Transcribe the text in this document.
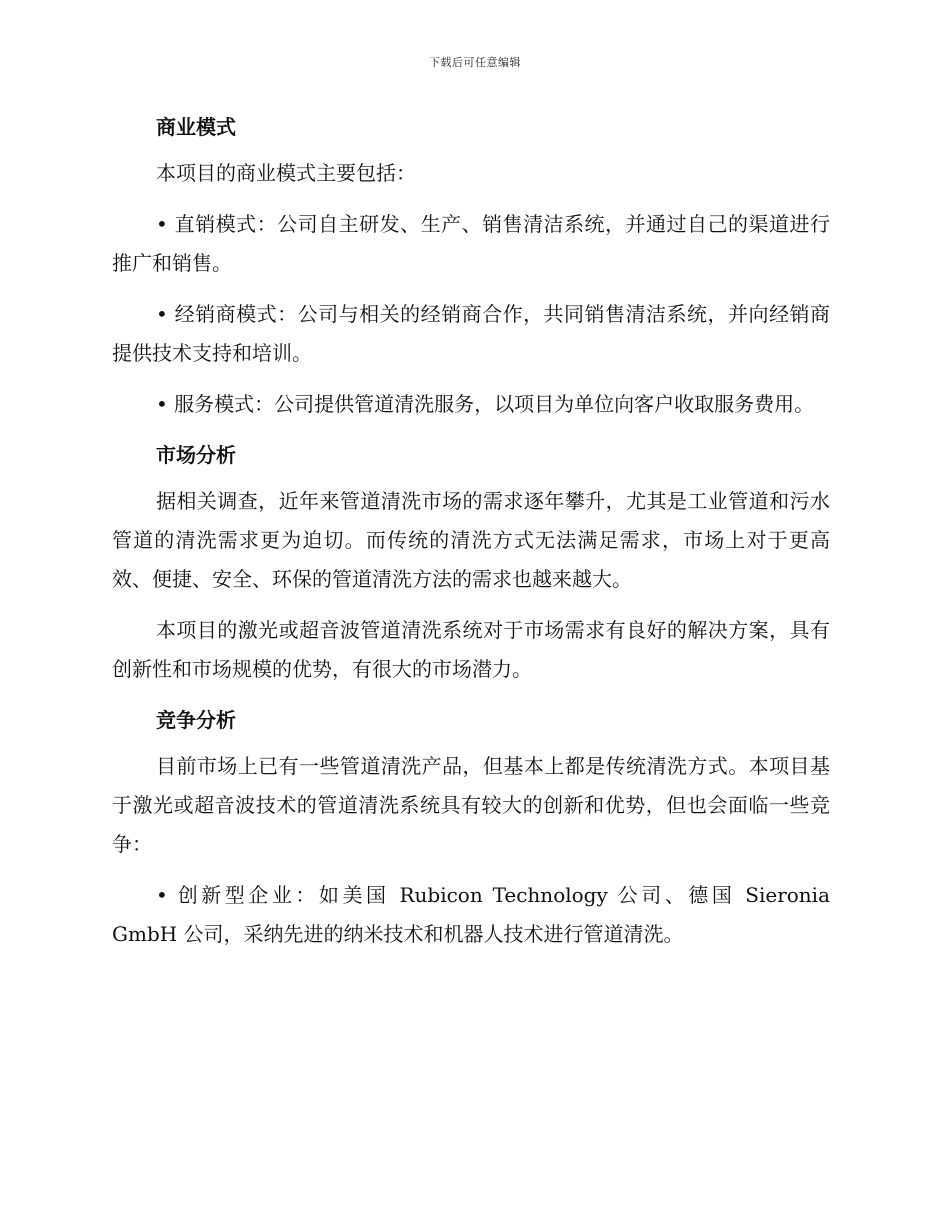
下载后可任意编辑
商业模式

本项目的商业模式主要包括：

• 直销模式：公司自主研发、生产、销售清洁系统，并通过自己的渠道进行推广和销售。

• 经销商模式：公司与相关的经销商合作，共同销售清洁系统，并向经销商提供技术支持和培训。

• 服务模式：公司提供管道清洗服务，以项目为单位向客户收取服务费用。

市场分析

据相关调查，近年来管道清洗市场的需求逐年攀升，尤其是工业管道和污水管道的清洗需求更为迫切。而传统的清洗方式无法满足需求，市场上对于更高效、便捷、安全、环保的管道清洗方法的需求也越来越大。

本项目的激光或超音波管道清洗系统对于市场需求有良好的解决方案，具有创新性和市场规模的优势，有很大的市场潜力。

竞争分析

目前市场上已有一些管道清洗产品，但基本上都是传统清洗方式。本项目基于激光或超音波技术的管道清洗系统具有较大的创新和优势，但也会面临一些竞争：

• 创新型企业：如美国 Rubicon Technology 公司、德国 Sieronia GmbH 公司，采纳先进的纳米技术和机器人技术进行管道清洗。
